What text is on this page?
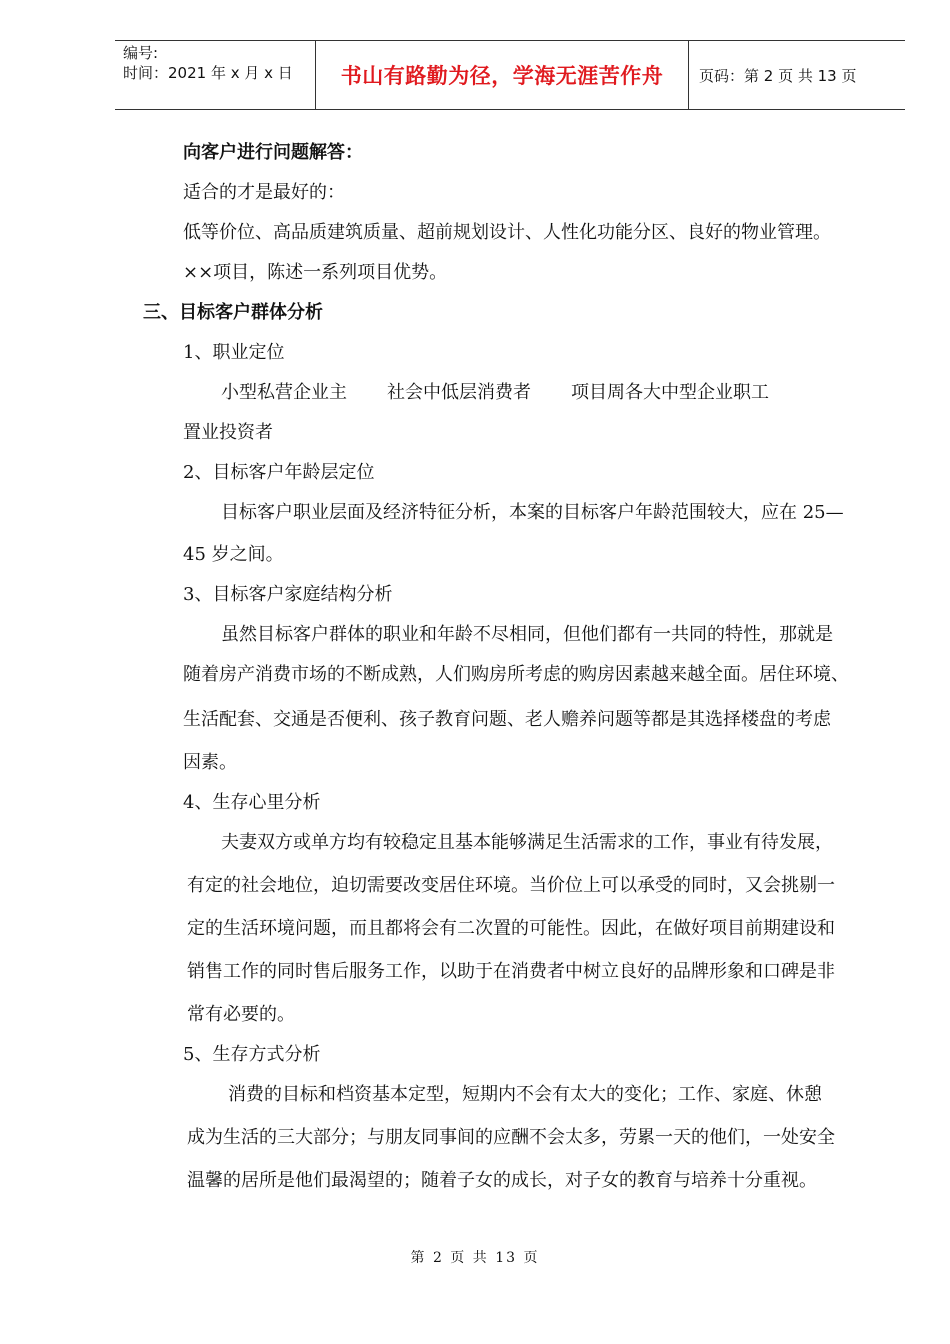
编号:
时间：2021 年 x 月 x 日	书山有路勤为径，学海无涯苦作舟	页码：第 2 页 共 13 页
向客户进行问题解答：
适合的才是最好的：
低等价位、高品质建筑质量、超前规划设计、人性化功能分区、良好的物业管理。
××项目，陈述一系列项目优势。
三、目标客户群体分析
1、职业定位
小型私营企业主 社会中低层消费者 项目周各大中型企业职工
置业投资者
2、目标客户年龄层定位
目标客户职业层面及经济特征分析，本案的目标客户年龄范围较大，应在 25—
45 岁之间。
3、目标客户家庭结构分析
虽然目标客户群体的职业和年龄不尽相同，但他们都有一共同的特性，那就是
随着房产消费市场的不断成熟，人们购房所考虑的购房因素越来越全面。居住环境、
生活配套、交通是否便利、孩子教育问题、老人赡养问题等都是其选择楼盘的考虑
因素。
4、生存心里分析
夫妻双方或单方均有较稳定且基本能够满足生活需求的工作，事业有待发展，
有定的社会地位，迫切需要改变居住环境。当价位上可以承受的同时，又会挑剔一
定的生活环境问题，而且都将会有二次置的可能性。因此，在做好项目前期建设和
销售工作的同时售后服务工作，以助于在消费者中树立良好的品牌形象和口碑是非
常有必要的。
5、生存方式分析
消费的目标和档资基本定型，短期内不会有太大的变化；工作、家庭、休憩
成为生活的三大部分；与朋友同事间的应酬不会太多，劳累一天的他们，一处安全
温馨的居所是他们最渴望的；随着子女的成长，对子女的教育与培养十分重视。
第 2 页 共 13 页
